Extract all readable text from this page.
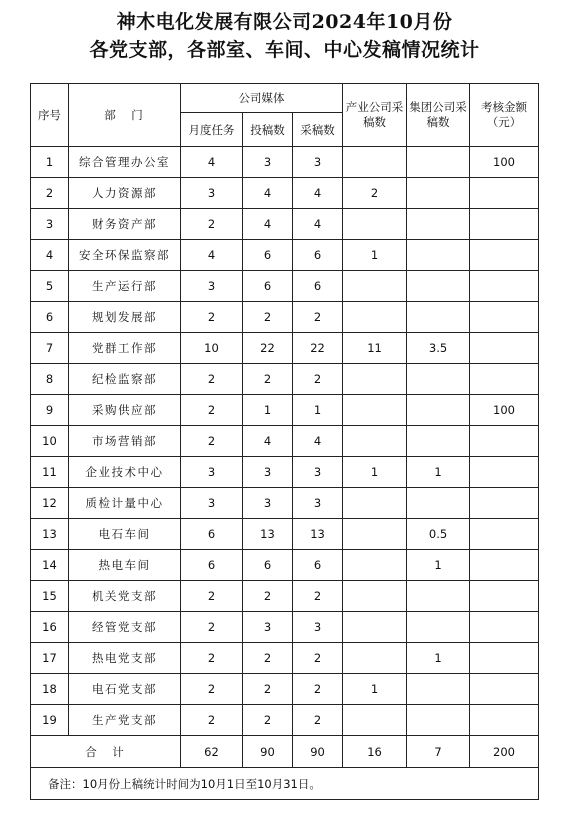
神木电化发展有限公司2024年10月份
各党支部，各部室、车间、中心发稿情况统计
序号	部　门	公司媒体			产业公司采稿数	集团公司采稿数	考核金额（元）
		月度任务	投稿数	采稿数			
1	综合管理办公室	4	3	3			100
2	人力资源部	3	4	4	2		
3	财务资产部	2	4	4			
4	安全环保监察部	4	6	6	1		
5	生产运行部	3	6	6			
6	规划发展部	2	2	2			
7	党群工作部	10	22	22	11	3.5	
8	纪检监察部	2	2	2			
9	采购供应部	2	1	1			100
10	市场营销部	2	4	4			
11	企业技术中心	3	3	3	1	1	
12	质检计量中心	3	3	3			
13	电石车间	6	13	13		0.5	
14	热电车间	6	6	6		1	
15	机关党支部	2	2	2			
16	经管党支部	2	3	3			
17	热电党支部	2	2	2		1	
18	电石党支部	2	2	2	1		
19	生产党支部	2	2	2			
合　计		62	90	90	16	7	200
备注：10月份上稿统计时间为10月1日至10月31日。							
